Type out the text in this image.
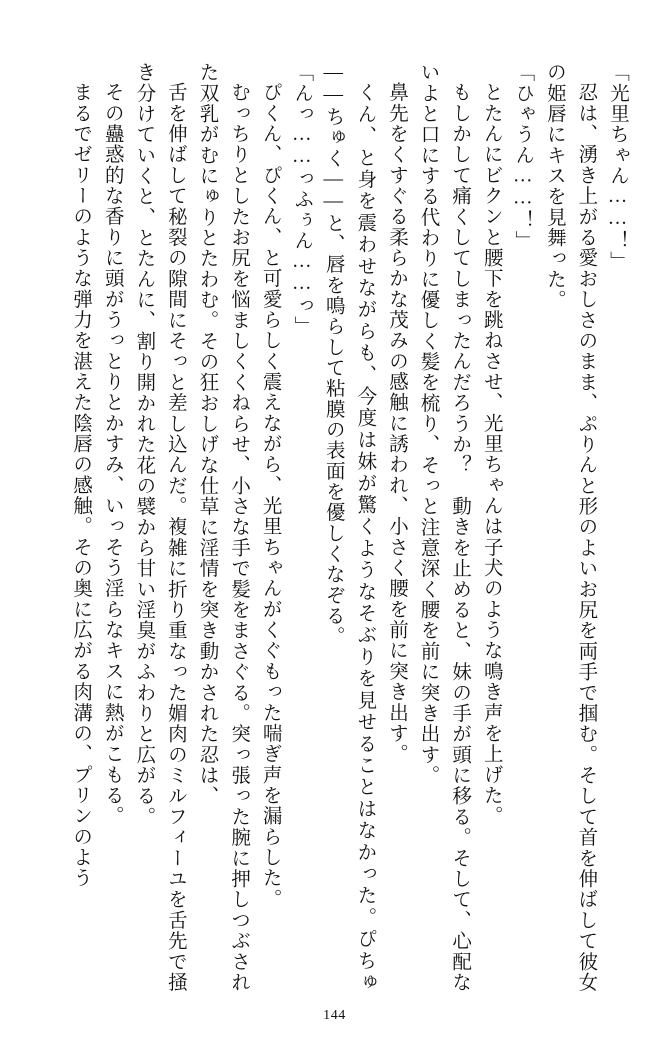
「光里ちゃん……！」

忍は、湧き上がる愛おしさのまま、ぷりんと形のよいお尻を両手で掴む。そして首を伸ばして彼女の姫唇にキスを見舞った。

「ひゃうん……！」

とたんにビクンと腰下を跳ねさせ、光里ちゃんは子犬のような鳴き声を上げた。

もしかして痛くしてしまったんだろうか？　動きを止めると、妹の手が頭に移る。そして、心配ないよと口にする代わりに優しく髪を梳り、そっと注意深く腰を前に突き出す。

鼻先をくすぐる柔らかな茂みの感触に誘われ、小さく腰を前に突き出す。

くん、と身を震わせながらも、今度は妹が驚くようなそぶりを見せることはなかった。ぴちゅ——ちゅく——と、唇を鳴らして粘膜の表面を優しくなぞる。

「んっ……っふぅん……っ」

ぴくん、ぴくん、と可愛らしく震えながら、光里ちゃんがくぐもった喘ぎ声を漏らした。

むっちりとしたお尻を悩ましくくねらせ、小さな手で髪をまさぐる。突っ張った腕に押しつぶされた双乳がむにゅりとたわむ。その狂おしげな仕草に淫情を突き動かされた忍は、

舌を伸ばして秘裂の隙間にそっと差し込んだ。複雑に折り重なった媚肉のミルフィーユを舌先で掻き分けていくと、とたんに、割り開かれた花の襞から甘い淫臭がふわりと広がる。

その蠱惑的な香りに頭がうっとりとかすみ、いっそう淫らなキスに熱がこもる。

まるでゼリーのような弾力を湛えた陰唇の感触。その奥に広がる肉溝の、プリンのよう

144
